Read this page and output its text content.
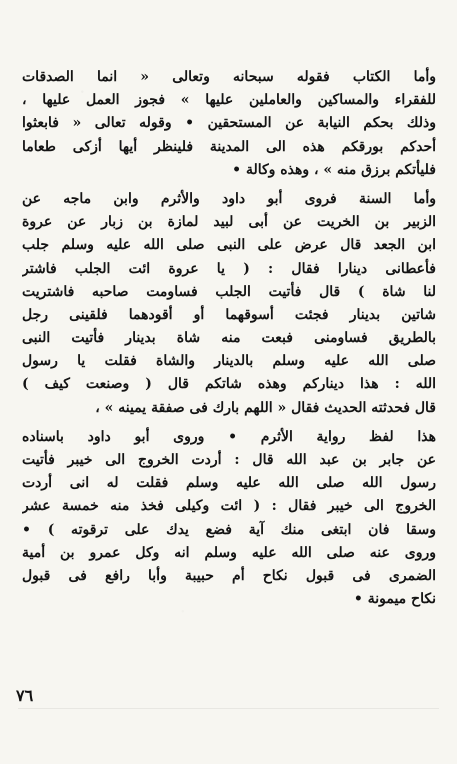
وأما الكتاب فقوله سبحانه وتعالى « انما الصدقات
للفقراء والمساكين والعاملين عليها » فجوز العمل عليها ،
وذلك بحكم النيابة عن المستحقين • وقوله تعالى « فابعثوا
أحدكم بورقكم هذه الى المدينة فلينظر أيها أزكى طعاما
فليأتكم برزق منه » ، وهذه وكالة •
وأما السنة فروى أبو داود والأثرم وابن ماجه عن
الزبير بن الخريت عن أبى لبيد لمازة بن زبار عن عروة
ابن الجعد قال عرض على النبى صلى الله عليه وسلم جلب
فأعطانى دينارا فقال : ( يا عروة ائت الجلب فاشتر
لنا شاة ) قال فأتيت الجلب فساومت صاحبه فاشتريت
شاتين بدينار فجئت أسوقهما أو أقودهما فلقينى رجل
بالطريق فساومنى فبعت منه شاة بدينار فأتيت النبى
صلى الله عليه وسلم بالدينار والشاة فقلت يا رسول
الله : هذا ديناركم وهذه شاتكم قال ( وصنعت كيف )
قال فحدثته الحديث فقال « اللهم بارك فى صفقة يمينه » ،
هذا لفظ رواية الأثرم • وروى أبو داود باسناده
عن جابر بن عبد الله قال : أردت الخروج الى خيبر فأتيت
رسول الله صلى الله عليه وسلم فقلت له انى أردت
الخروج الى خيبر فقال : ( ائت وكيلى فخذ منه خمسة عشر
وسقا فان ابتغى منك آية فضع يدك على ترقوته ) •
وروى عنه صلى الله عليه وسلم انه وكل عمرو بن أمية
الضمرى فى قبول نكاح أم حبيبة وأبا رافع فى قبول
نكاح ميمونة •
٧٦
